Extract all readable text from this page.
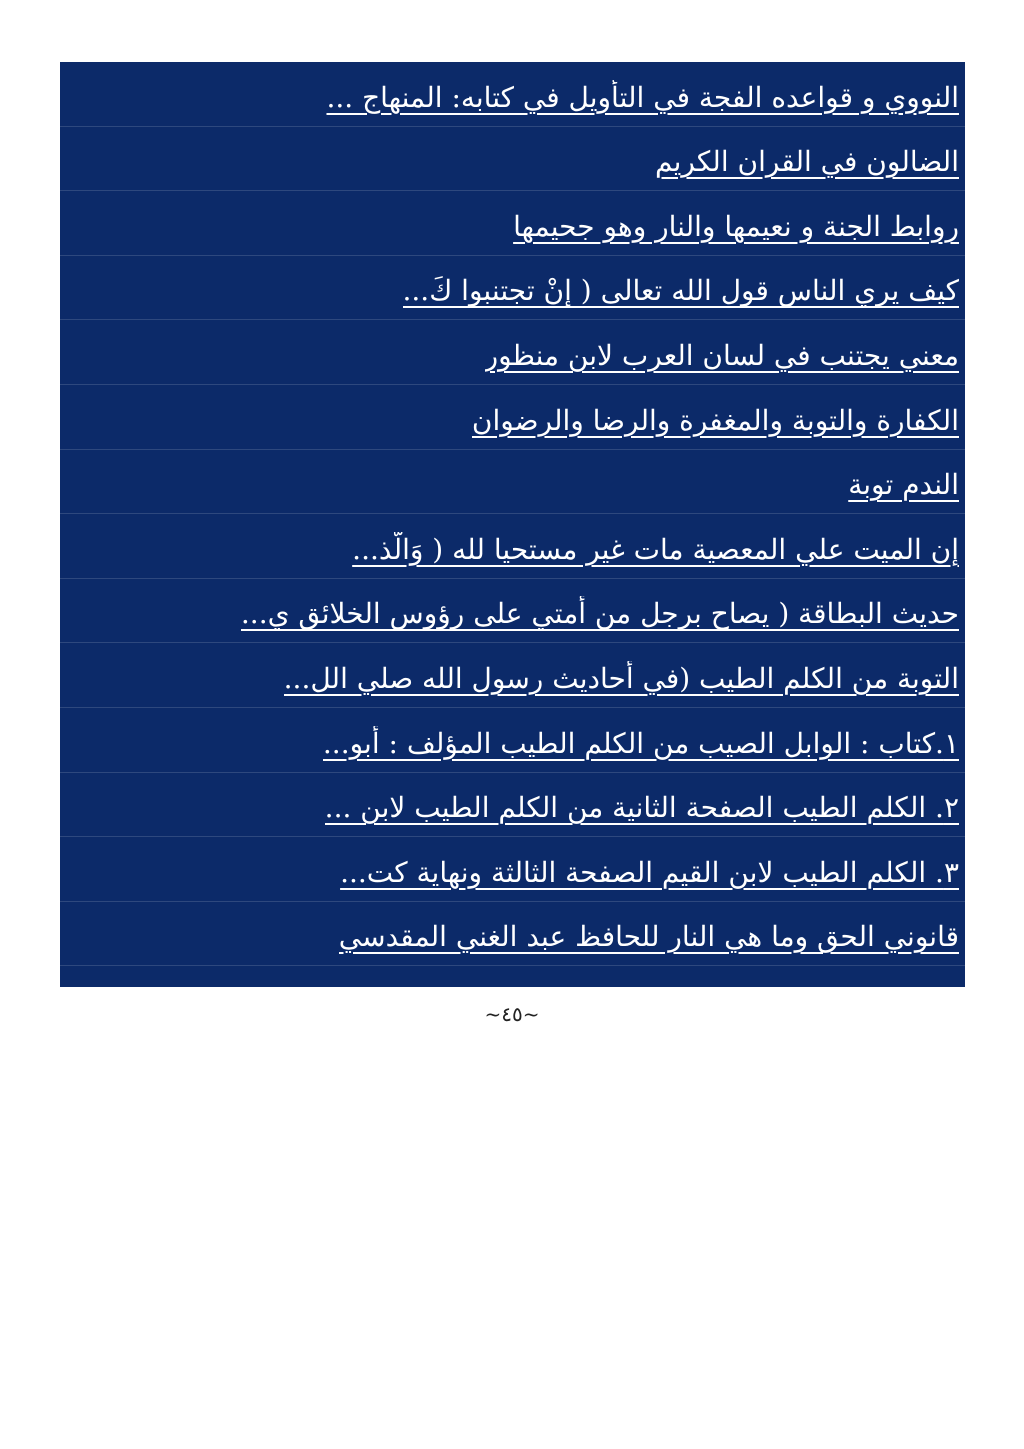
النووي و قواعده الفجة في التأويل في كتابه: المنهاج ...
الضالون في القران الكريم
روابط الجنة و نعيمها والنار وهو جحيمها
كيف يري الناس قول الله تعالى ( إنْ تجتنبوا كَ...
معني يجتنب في لسان العرب لابن منظور
الكفارة والتوبة والمغفرة والرضا والرضوان
الندم توبة
إن الميت علي المعصية مات غير مستحيا لله ( وَالَّذ...
حديث البطاقة ( يصاح برجل من أمتي على رؤوس الخلائق ي...
التوبة من الكلم الطيب (في أحاديث رسول الله صلي الل...
١.كتاب : الوابل الصيب من الكلم الطيب المؤلف : أبو...
٢. الكلم الطيب الصفحة الثانية من الكلم الطيب لابن ...
٣. الكلم الطيب لابن القيم الصفحة الثالثة ونهاية كت...
قانوني الحق وما هي النار للحافظ عبد الغني المقدسي
حديث صاحب البطاقة ظني الدلالة..
حديث صاحب البطاقة ظني الدلالة..
التعقيب علي مقال الدلائل الواضحة على صحة حديث الب...
مكرر التعقيب علي مقال الدلائل الواضحة على صحة حديث...
أما في الشفاعة وضوابطها ( فبرغم قدرته المطلقة علي ك...
~٤٥~
